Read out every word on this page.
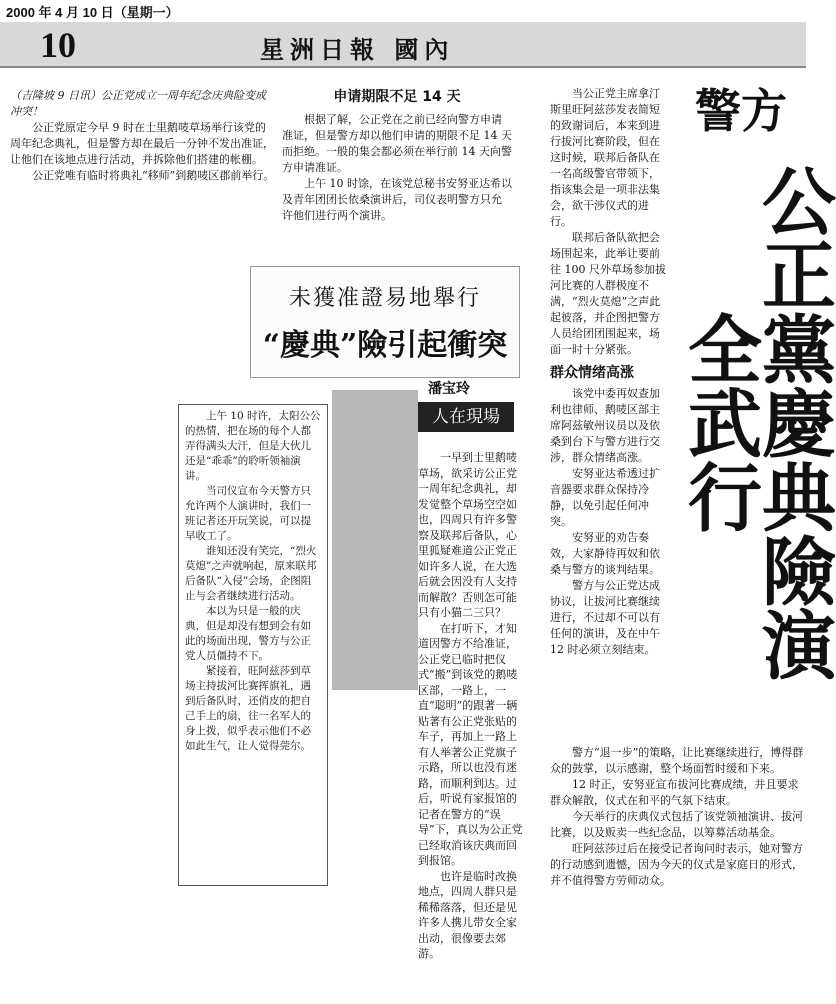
2000 年 4 月 10 日（星期一）
10	星洲日報 國內

（吉隆坡 9 日讯）公正党成立一周年纪念庆典险变成冲突！

公正党原定今早 9 时在士里鹅唛草场举行该党的周年纪念典礼，但是警方却在最后一分钟不发出准证，让他们在该地点进行活动，并拆除他们搭建的帐棚。

公正党唯有临时将典礼“移师”到鹅唛区郡前举行。

申请期限不足 14 天

根据了解，公正党在之前已经向警方申请准证，但是警方却以他们申请的期限不足 14 天而拒绝。一般的集会都必须在举行前 14 天向警方申请准证。

上午 10 时馀，在该党总秘书安努亚达希以及青年团团长依桑演讲后，司仪表明警方只允许他们进行两个演讲。

警方
公正黨慶典險演全武行

当公正党主席拿汀斯里旺阿兹莎发表简短的致谢词后，本来到进行拔河比赛阶段，但在这时候，联邦后备队在一名高级警官带领下，指该集会是一项非法集会，欲干涉仪式的进行。

联邦后备队欲把会场围起来，此举让要前往 100 尺外草场参加拔河比赛的人群极度不满，“烈火莫熄”之声此起彼落，并企图把警方人员给团团围起来，场面一时十分紧张。

群众情绪高涨

该党中委再奴查加利也律师、鹅唛区部主席阿兹敏州议员以及依桑到台下与警方进行交涉，群众情绪高涨。

安努亚达希透过扩音器要求群众保持冷静，以免引起任何冲突。

安努亚的劝告奏效，大家静待再奴和依桑与警方的谈判结果。

警方与公正党达成协议，让拔河比赛继续进行，不过却不可以有任何的演讲，及在中午 12 时必须立刻结束。

警方“退一步”的策略，让比赛继续进行，博得群众的鼓掌，以示感谢，整个场面暂时缓和下来。

12 时正，安努亚宣布拔河比赛成绩，并且要求群众解散，仪式在和平的气氛下结束。

今天举行的庆典仪式包括了该党领袖演讲、拔河比赛，以及贩卖一些纪念品，以筹募活动基金。

旺阿兹莎过后在接受记者询问时表示，她对警方的行动感到遗憾，因为今天的仪式是家庭日的形式，并不值得警方劳师动众。

未獲准證易地舉行
“慶典”險引起衝突
潘宝玲
人在現場

上午 10 时许，太阳公公的热情，把在场的每个人都弄得满头大汗，但是大伙儿还是“乖乖”的聆听领袖演讲。

当司仪宣布今天警方只允许两个人演讲时，我们一班记者还开玩笑说，可以提早收工了。

谁知还没有笑完，“烈火莫熄”之声就响起，原来联邦后备队“入侵”会场，企图阻止与会者继续进行活动。

本以为只是一般的庆典，但是却没有想到会有如此的场面出现，警方与公正党人员僵持不下。

紧接着，旺阿兹莎到草场主持拔河比赛挥旗礼，遇到后备队时，还俏皮的把自己手上的扇，往一名军人的身上拨，似乎表示他们不必如此生气，让人觉得莞尔。

一早到士里鹅唛草场，欲采访公正党一周年纪念典礼，却发觉整个草场空空如也，四周只有许多警察及联邦后备队，心里狐疑难道公正党正如许多人说，在大选后就会因没有人支持而解散？否则怎可能只有小猫二三只？

在打听下，才知道因警方不给准证，公正党已临时把仪式“搬”到该党的鹅唛区部，一路上，一直“聪明”的跟著一辆贴著有公正党张贴的车子，再加上一路上有人举著公正党旗子示路，所以也没有迷路，而顺利到达。过后，听说有家报馆的记者在警方的“误导”下，真以为公正党已经取消该庆典而回到报馆。

也许是临时改换地点，四周人群只是稀稀落落，但还是见许多人携儿带女全家出动，很像要去郊游。
